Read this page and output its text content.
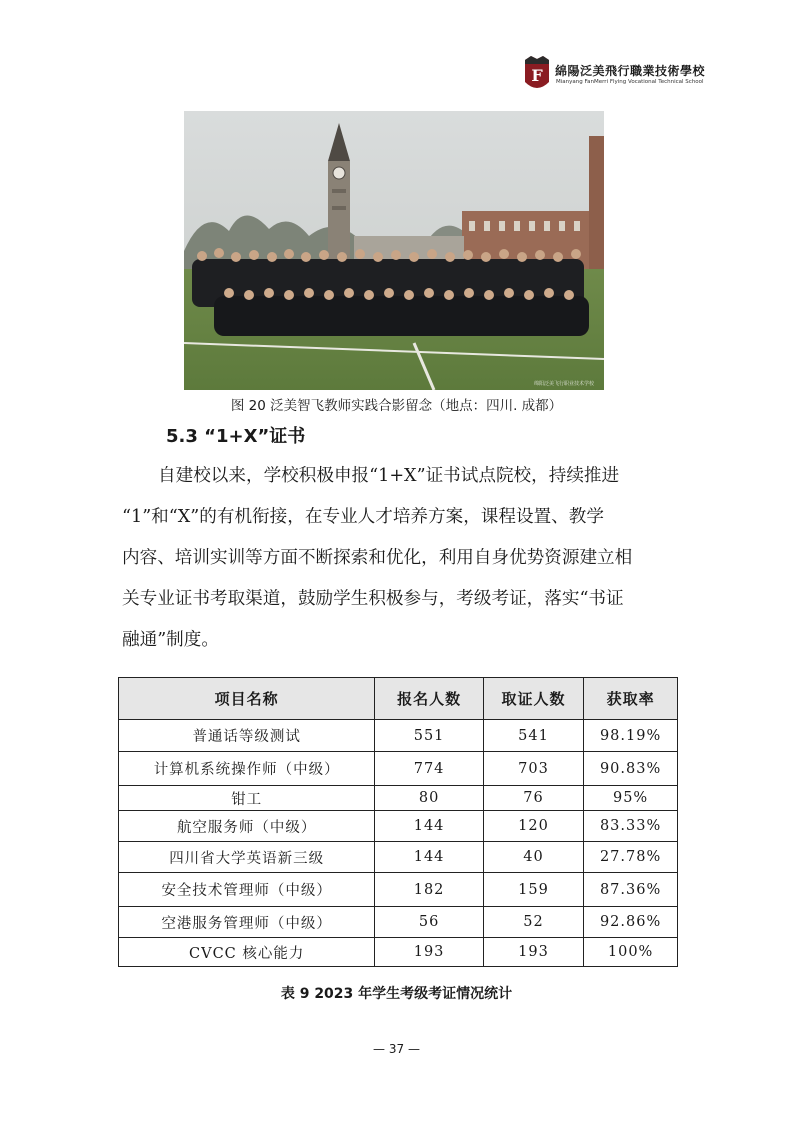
F 綿陽泛美飛行職業技術學校
Mianyang FanMerri Flying Vocational Technical School
绵阳泛美飞行职业技术学校
图 20 泛美智飞教师实践合影留念（地点：四川. 成都）
5.3 “1+X”证书
自建校以来，学校积极申报“1+X”证书试点院校，持续推进
“1”和“X”的有机衔接，在专业人才培养方案，课程设置、教学
内容、培训实训等方面不断探索和优化，利用自身优势资源建立相
关专业证书考取渠道，鼓励学生积极参与，考级考证，落实“书证
融通”制度。
项目名称	报名人数	取证人数	获取率
普通话等级测试	551	541	98.19%
计算机系统操作师（中级）	774	703	90.83%
钳工	80	76	95%
航空服务师（中级）	144	120	83.33%
四川省大学英语新三级	144	40	27.78%
安全技术管理师（中级）	182	159	87.36%
空港服务管理师（中级）	56	52	92.86%
CVCC 核心能力	193	193	100%
表 9 2023 年学生考级考证情况统计
— 37 —
